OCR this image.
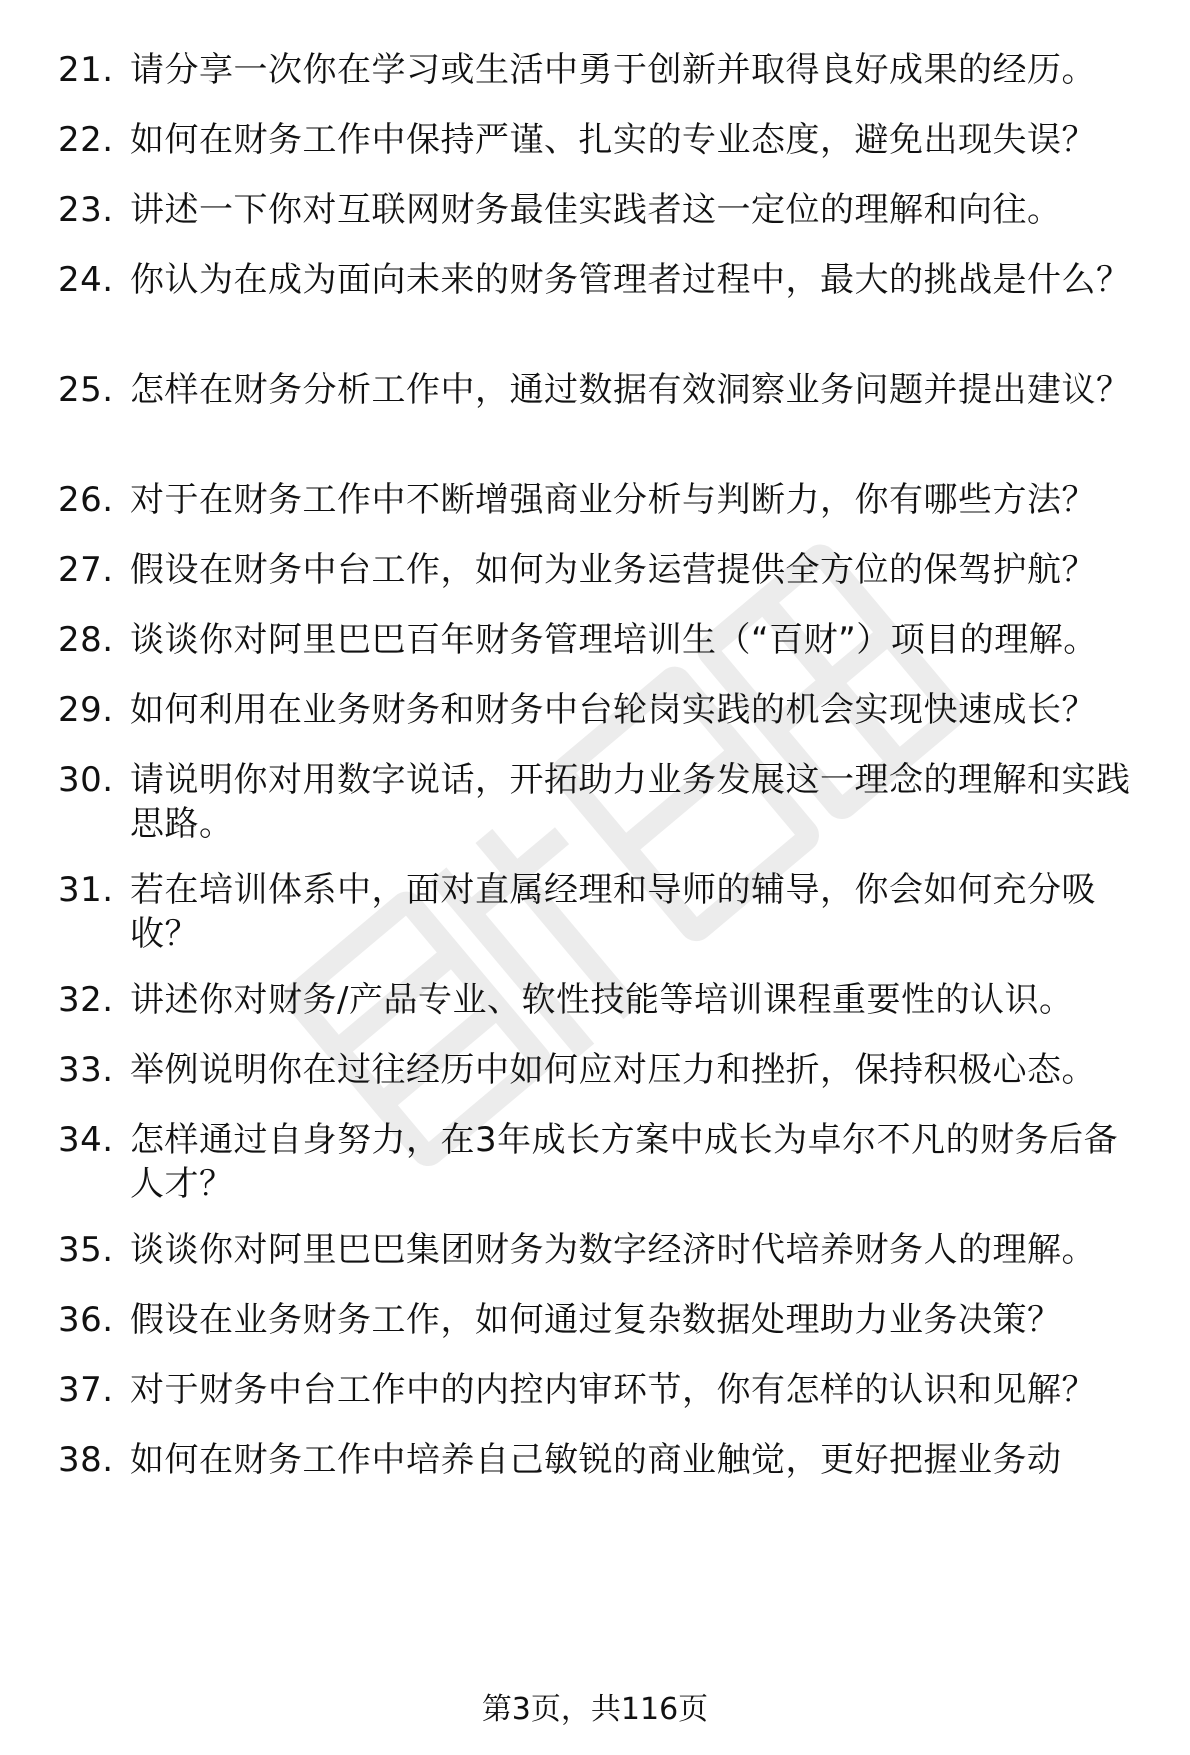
21. 请分享一次你在学习或生活中勇于创新并取得良好成果的经历。
22. 如何在财务工作中保持严谨、扎实的专业态度，避免出现失误？
23. 讲述一下你对互联网财务最佳实践者这一定位的理解和向往。
24. 你认为在成为面向未来的财务管理者过程中，最大的挑战是什么？
25. 怎样在财务分析工作中，通过数据有效洞察业务问题并提出建议？
26. 对于在财务工作中不断增强商业分析与判断力，你有哪些方法？
27. 假设在财务中台工作，如何为业务运营提供全方位的保驾护航？
28. 谈谈你对阿里巴巴百年财务管理培训生（“百财”）项目的理解。
29. 如何利用在业务财务和财务中台轮岗实践的机会实现快速成长？
30. 请说明你对用数字说话，开拓助力业务发展这一理念的理解和实践思路。
31. 若在培训体系中，面对直属经理和导师的辅导，你会如何充分吸收？
32. 讲述你对财务/产品专业、软性技能等培训课程重要性的认识。
33. 举例说明你在过往经历中如何应对压力和挫折，保持积极心态。
34. 怎样通过自身努力，在3年成长方案中成长为卓尔不凡的财务后备人才？
35. 谈谈你对阿里巴巴集团财务为数字经济时代培养财务人的理解。
36. 假设在业务财务工作，如何通过复杂数据处理助力业务决策？
37. 对于财务中台工作中的内控内审环节，你有怎样的认识和见解？
38. 如何在财务工作中培养自己敏锐的商业触觉，更好把握业务动
第3页，共116页
